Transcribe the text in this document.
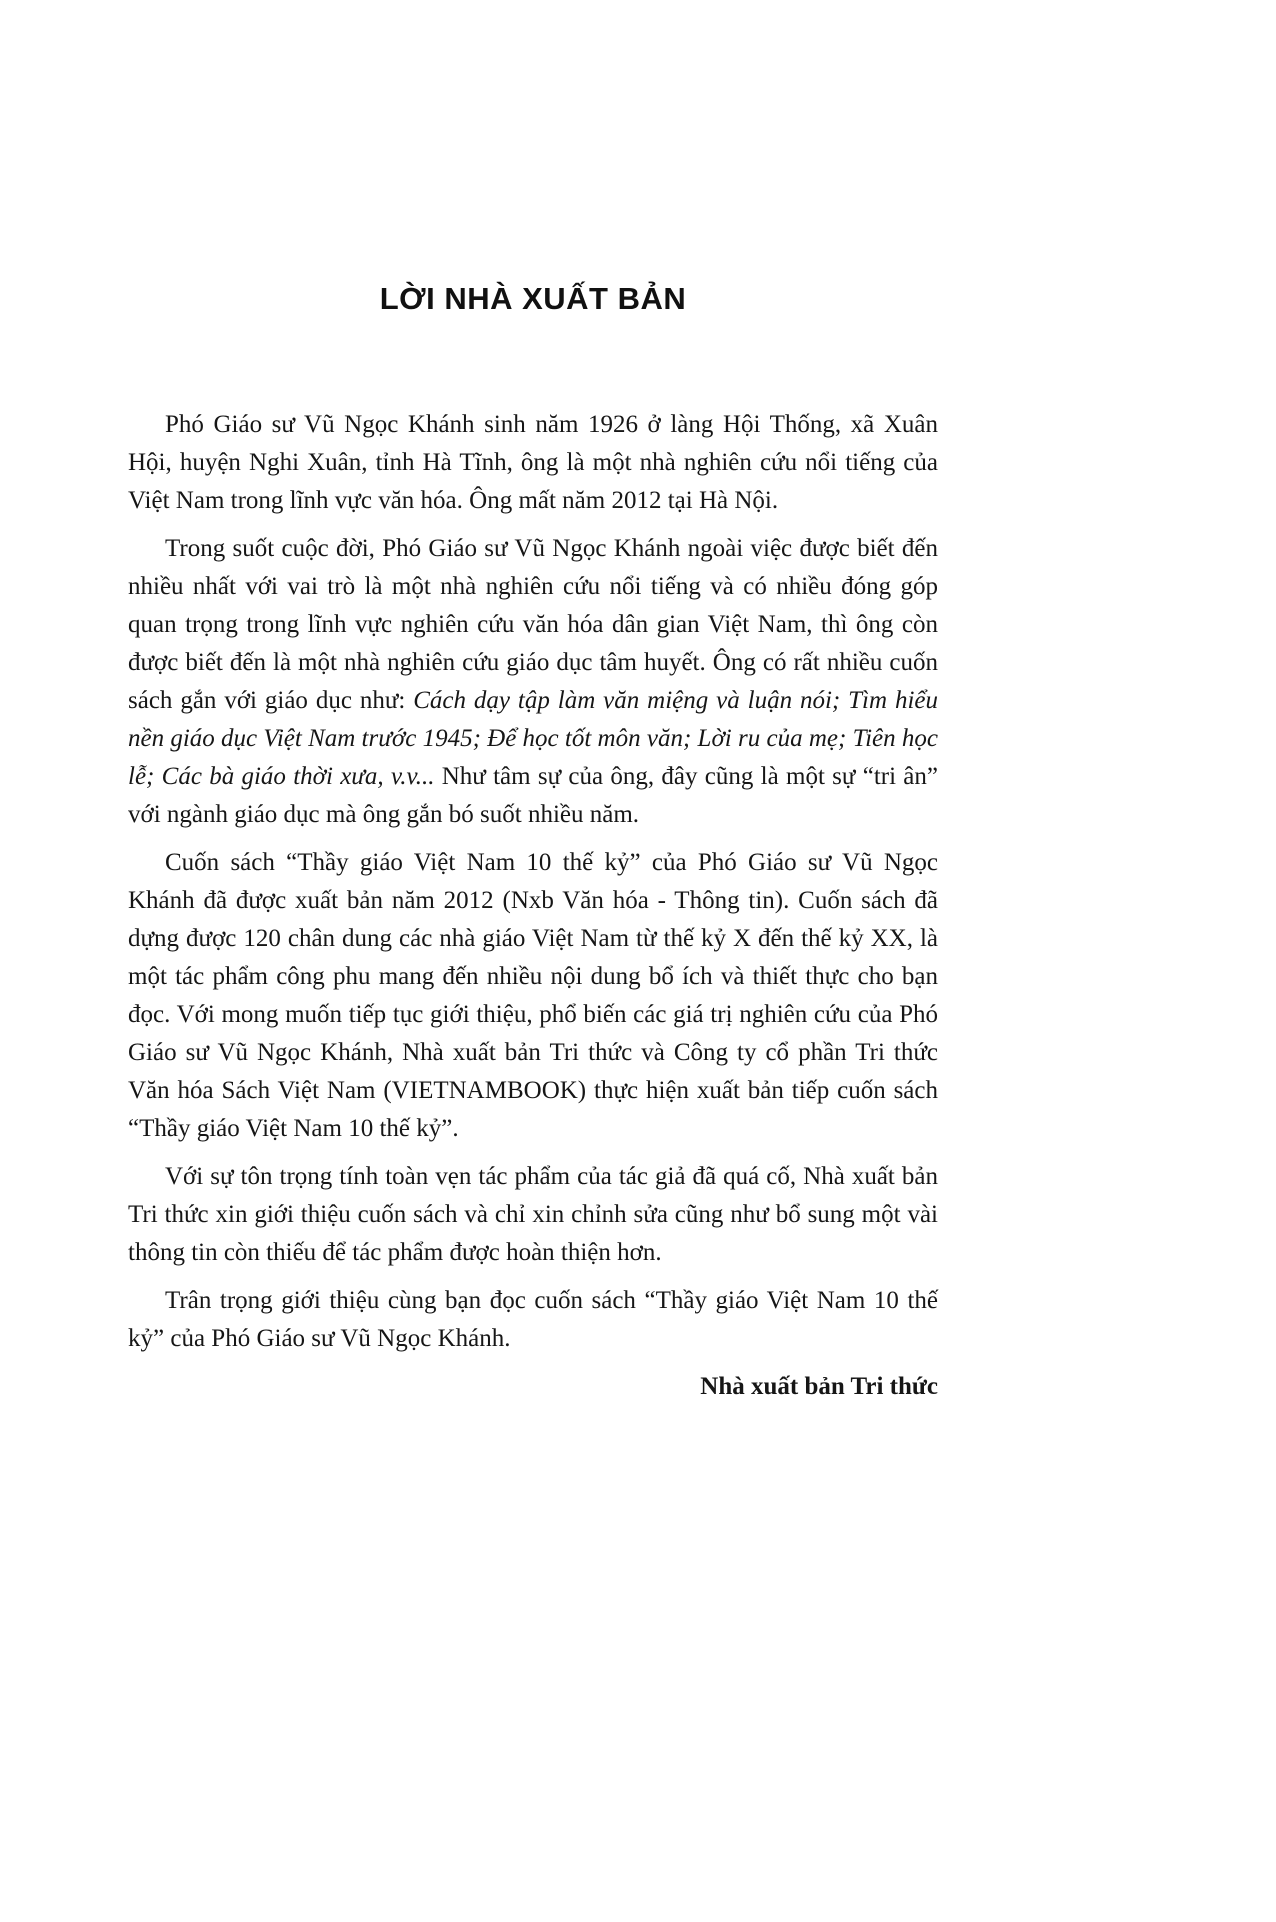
LỜI NHÀ XUẤT BẢN

Phó Giáo sư Vũ Ngọc Khánh sinh năm 1926 ở làng Hội Thống, xã Xuân Hội, huyện Nghi Xuân, tỉnh Hà Tĩnh, ông là một nhà nghiên cứu nổi tiếng của Việt Nam trong lĩnh vực văn hóa. Ông mất năm 2012 tại Hà Nội.

Trong suốt cuộc đời, Phó Giáo sư Vũ Ngọc Khánh ngoài việc được biết đến nhiều nhất với vai trò là một nhà nghiên cứu nổi tiếng và có nhiều đóng góp quan trọng trong lĩnh vực nghiên cứu văn hóa dân gian Việt Nam, thì ông còn được biết đến là một nhà nghiên cứu giáo dục tâm huyết. Ông có rất nhiều cuốn sách gắn với giáo dục như: Cách dạy tập làm văn miệng và luận nói; Tìm hiểu nền giáo dục Việt Nam trước 1945; Để học tốt môn văn; Lời ru của mẹ; Tiên học lễ; Các bà giáo thời xưa, v.v... Như tâm sự của ông, đây cũng là một sự “tri ân” với ngành giáo dục mà ông gắn bó suốt nhiều năm.

Cuốn sách “Thầy giáo Việt Nam 10 thế kỷ” của Phó Giáo sư Vũ Ngọc Khánh đã được xuất bản năm 2012 (Nxb Văn hóa - Thông tin). Cuốn sách đã dựng được 120 chân dung các nhà giáo Việt Nam từ thế kỷ X đến thế kỷ XX, là một tác phẩm công phu mang đến nhiều nội dung bổ ích và thiết thực cho bạn đọc. Với mong muốn tiếp tục giới thiệu, phổ biến các giá trị nghiên cứu của Phó Giáo sư Vũ Ngọc Khánh, Nhà xuất bản Tri thức và Công ty cổ phần Tri thức Văn hóa Sách Việt Nam (VIETNAMBOOK) thực hiện xuất bản tiếp cuốn sách “Thầy giáo Việt Nam 10 thế kỷ”.

Với sự tôn trọng tính toàn vẹn tác phẩm của tác giả đã quá cố, Nhà xuất bản Tri thức xin giới thiệu cuốn sách và chỉ xin chỉnh sửa cũng như bổ sung một vài thông tin còn thiếu để tác phẩm được hoàn thiện hơn.

Trân trọng giới thiệu cùng bạn đọc cuốn sách “Thầy giáo Việt Nam 10 thế kỷ” của Phó Giáo sư Vũ Ngọc Khánh.

Nhà xuất bản Tri thức
